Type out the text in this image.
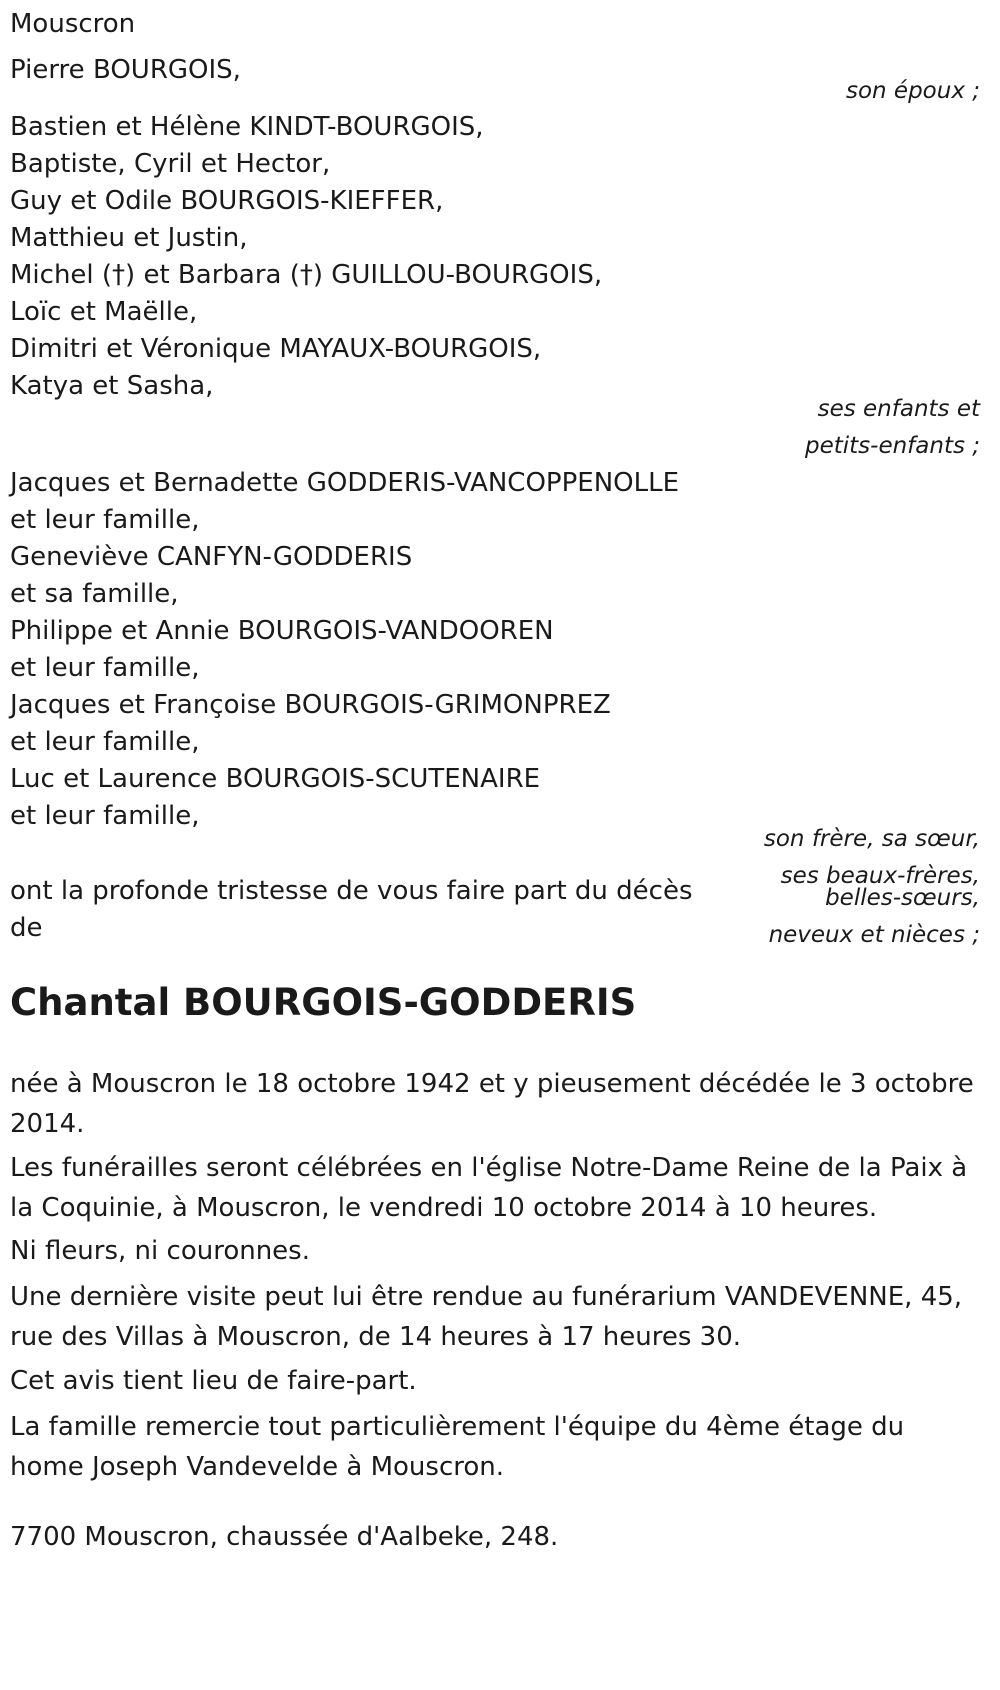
Mouscron
Pierre BOURGOIS,
son époux ;
Bastien et Hélène KINDT-BOURGOIS,
Baptiste, Cyril et Hector,
Guy et Odile BOURGOIS-KIEFFER,
Matthieu et Justin,
Michel (†) et Barbara (†) GUILLOU-BOURGOIS,
Loïc et Maëlle,
Dimitri et Véronique MAYAUX-BOURGOIS,
Katya et Sasha,
ses enfants et
petits-enfants ;
Jacques et Bernadette GODDERIS-VANCOPPENOLLE
et leur famille,
Geneviève CANFYN-GODDERIS
et sa famille,
Philippe et Annie BOURGOIS-VANDOOREN
et leur famille,
Jacques et Françoise BOURGOIS-GRIMONPREZ
et leur famille,
Luc et Laurence BOURGOIS-SCUTENAIRE
et leur famille,
son frère, sa sœur,
ses beaux-frères,
belles-sœurs,
neveux et nièces ;
ont la profonde tristesse de vous faire part du décès
de
Chantal BOURGOIS-GODDERIS
née à Mouscron le 18 octobre 1942 et y pieusement décédée le 3 octobre 2014.
Les funérailles seront célébrées en l'église Notre-Dame Reine de la Paix à la Coquinie, à Mouscron, le vendredi 10 octobre 2014 à 10 heures.
Ni fleurs, ni couronnes.
Une dernière visite peut lui être rendue au funérarium VANDEVENNE, 45, rue des Villas à Mouscron, de 14 heures à 17 heures 30.
Cet avis tient lieu de faire-part.
La famille remercie tout particulièrement l'équipe du 4ème étage du home Joseph Vandevelde à Mouscron.
7700 Mouscron, chaussée d'Aalbeke, 248.
